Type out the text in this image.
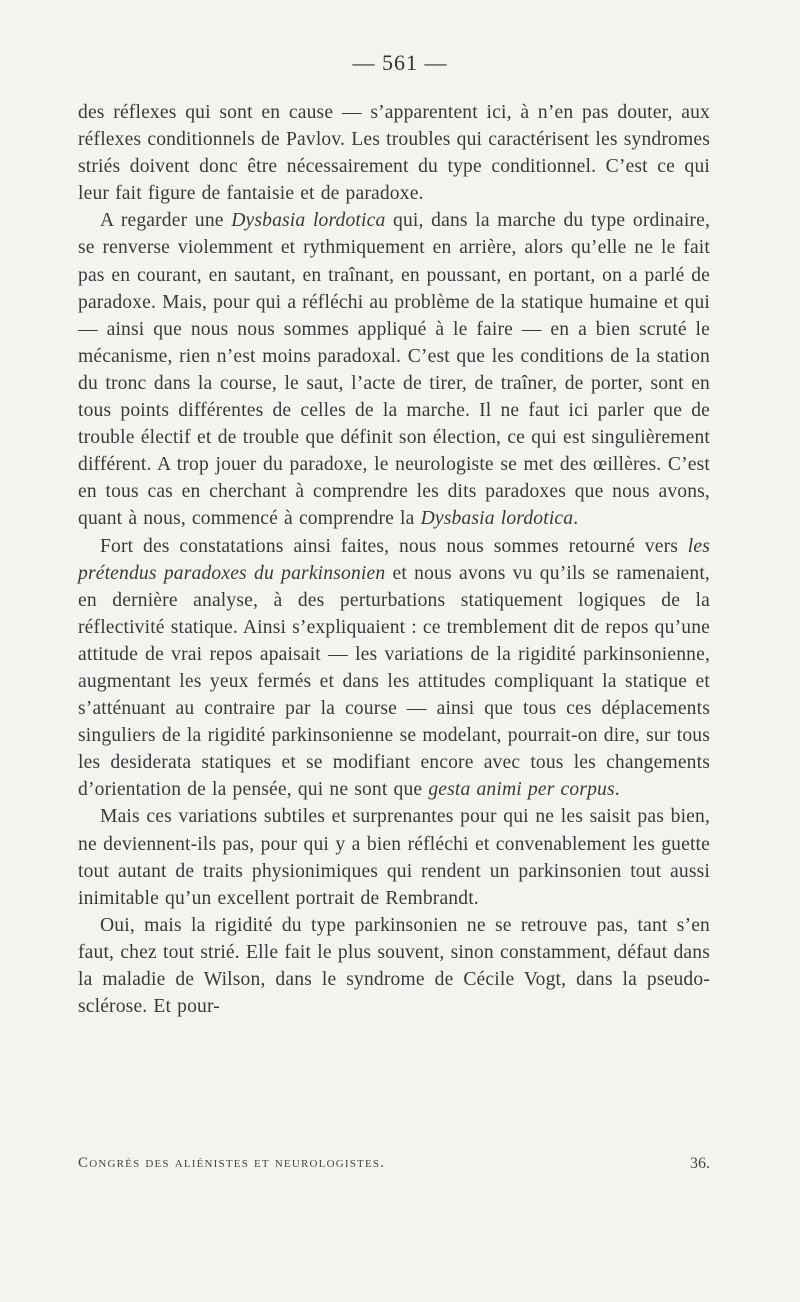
— 561 —

des réflexes qui sont en cause — s’apparentent ici, à n’en pas douter, aux réflexes conditionnels de Pavlov. Les troubles qui caractérisent les syndromes striés doivent donc être nécessairement du type conditionnel. C’est ce qui leur fait figure de fantaisie et de paradoxe.

A regarder une Dysbasia lordotica qui, dans la marche du type ordinaire, se renverse violemment et rythmiquement en arrière, alors qu’elle ne le fait pas en courant, en sautant, en traînant, en poussant, en portant, on a parlé de paradoxe. Mais, pour qui a réfléchi au problème de la statique humaine et qui — ainsi que nous nous sommes appliqué à le faire — en a bien scruté le mécanisme, rien n’est moins paradoxal. C’est que les conditions de la station du tronc dans la course, le saut, l’acte de tirer, de traîner, de porter, sont en tous points différentes de celles de la marche. Il ne faut ici parler que de trouble électif et de trouble que définit son élection, ce qui est singulièrement différent. A trop jouer du paradoxe, le neurologiste se met des œillères. C’est en tous cas en cherchant à comprendre les dits paradoxes que nous avons, quant à nous, commencé à comprendre la Dysbasia lordotica.

Fort des constatations ainsi faites, nous nous sommes retourné vers les prétendus paradoxes du parkinsonien et nous avons vu qu’ils se ramenaient, en dernière analyse, à des perturbations statiquement logiques de la réflectivité statique. Ainsi s’expliquaient : ce tremblement dit de repos qu’une attitude de vrai repos apaisait — les variations de la rigidité parkinsonienne, augmentant les yeux fermés et dans les attitudes compliquant la statique et s’atténuant au contraire par la course — ainsi que tous ces déplacements singuliers de la rigidité parkinsonienne se modelant, pourrait-on dire, sur tous les desiderata statiques et se modifiant encore avec tous les changements d’orientation de la pensée, qui ne sont que gesta animi per corpus.

Mais ces variations subtiles et surprenantes pour qui ne les saisit pas bien, ne deviennent-ils pas, pour qui y a bien réfléchi et convenablement les guette tout autant de traits physionimiques qui rendent un parkinsonien tout aussi inimitable qu’un excellent portrait de Rembrandt.

Oui, mais la rigidité du type parkinsonien ne se retrouve pas, tant s’en faut, chez tout strié. Elle fait le plus souvent, sinon constamment, défaut dans la maladie de Wilson, dans le syndrome de Cécile Vogt, dans la pseudo-sclérose. Et pour-

Congrès des aliénistes et neurologistes.	36.
